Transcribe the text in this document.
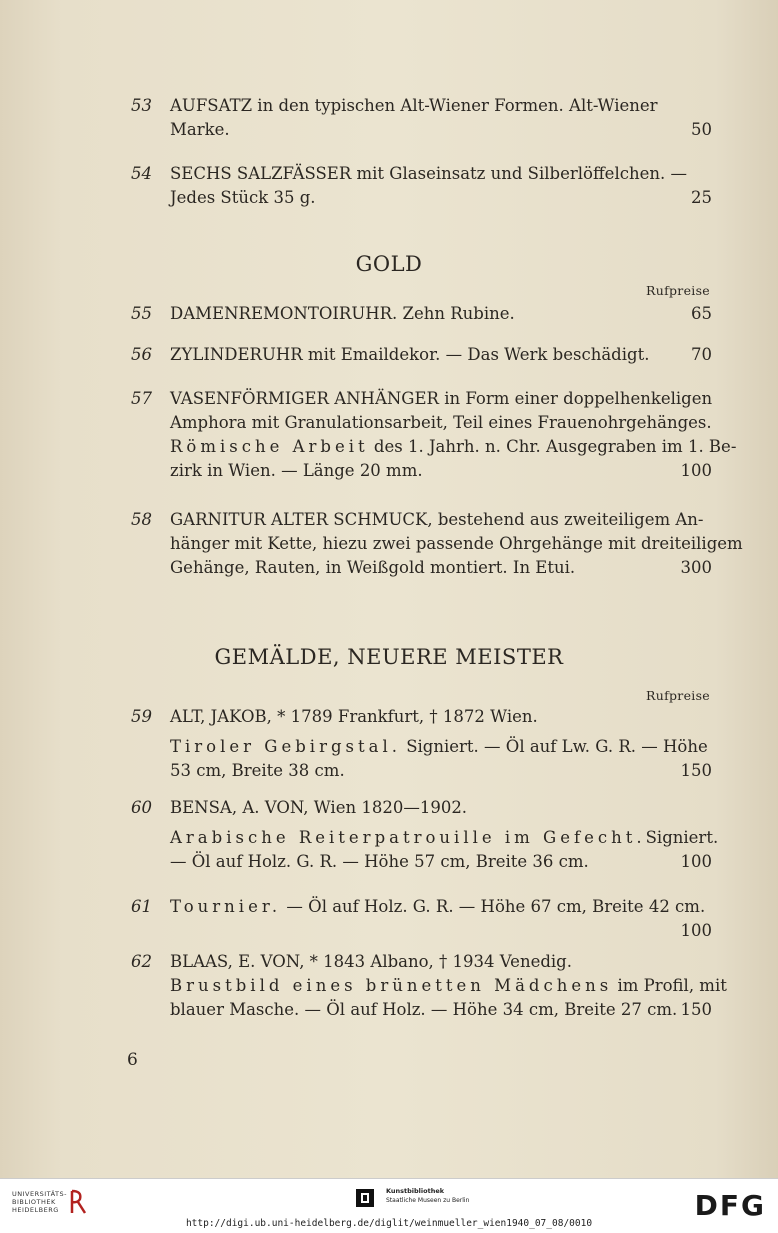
53 AUFSATZ in den typischen Alt-Wiener Formen. Alt-Wiener
Marke.	50
54 SECHS SALZFÄSSER mit Glaseinsatz und Silberlöffelchen. —
Jedes Stück 35 g.	25
GOLD
Rufpreise
55 DAMENREMONTOIRUHR. Zehn Rubine.	65
56 ZYLINDERUHR mit Emaildekor. — Das Werk beschädigt.	70
57 VASENFÖRMIGER ANHÄNGER in Form einer doppelhenkeligen
Amphora mit Granulationsarbeit, Teil eines Frauenohrgehänges.
Römische Arbeit des 1. Jahrh. n. Chr. Ausgegraben im 1. Be-
zirk in Wien. — Länge 20 mm.	100
58 GARNITUR ALTER SCHMUCK, bestehend aus zweiteiligem An-
hänger mit Kette, hiezu zwei passende Ohrgehänge mit dreiteiligem
Gehänge, Rauten, in Weißgold montiert. In Etui.	300
GEMÄLDE, NEUERE MEISTER
Rufpreise
59 ALT, JAKOB, * 1789 Frankfurt, † 1872 Wien.
Tiroler Gebirgstal. Signiert. — Öl auf Lw. G. R. — Höhe
53 cm, Breite 38 cm.	150
60 BENSA, A. VON, Wien 1820—1902.
Arabische Reiterpatrouille im Gefecht. Signiert.
— Öl auf Holz. G. R. — Höhe 57 cm, Breite 36 cm.	100
61 Tournier. — Öl auf Holz. G. R. — Höhe 67 cm, Breite 42 cm.
100
62 BLAAS, E. VON, * 1843 Albano, † 1934 Venedig.
Brustbild eines brünetten Mädchens im Profil, mit
blauer Masche. — Öl auf Holz. — Höhe 34 cm, Breite 27 cm. 150
6
UNIVERSITÄTS-
BIBLIOTHEK
HEIDELBERG
Kunstbibliothek
Staatliche Museen zu Berlin	DFG
http://digi.ub.uni-heidelberg.de/diglit/weinmueller_wien1940_07_08/0010
